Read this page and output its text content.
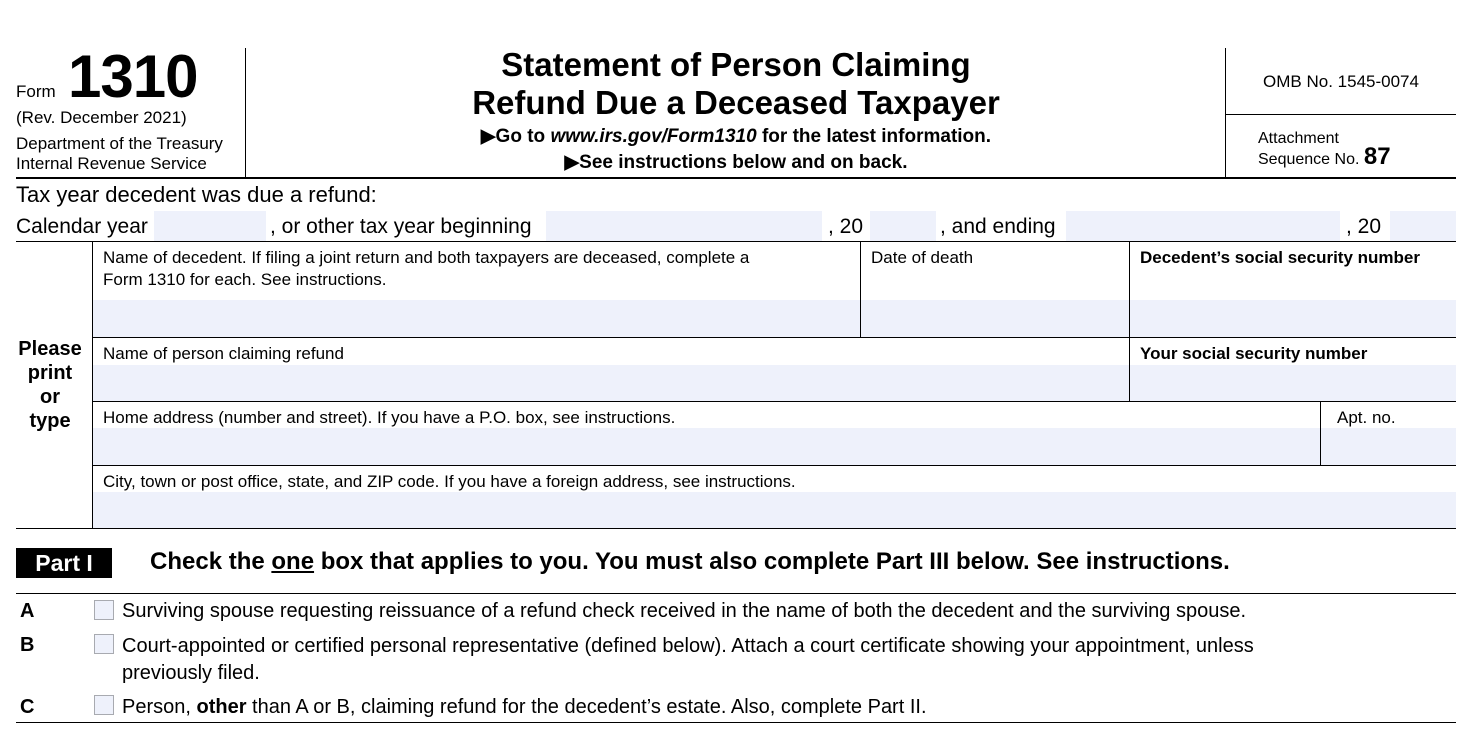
Form 1310
(Rev. December 2021)
Department of the Treasury
Internal Revenue Service
Statement of Person Claiming
Refund Due a Deceased Taxpayer
▶Go to www.irs.gov/Form1310 for the latest information.
▶See instructions below and on back.
OMB No. 1545-0074
Attachment
Sequence No. 87
Tax year decedent was due a refund:
Calendar year	, or other tax year beginning	, 20	, and ending	, 20
Please
print
or
type
Name of decedent. If filing a joint return and both taxpayers are deceased, complete a
Form 1310 for each. See instructions.
Date of death	Decedent’s social security number
Name of person claiming refund	Your social security number
Home address (number and street). If you have a P.O. box, see instructions.	Apt. no.
City, town or post office, state, and ZIP code. If you have a foreign address, see instructions.
Part I	Check the one box that applies to you. You must also complete Part III below. See instructions.
A	Surviving spouse requesting reissuance of a refund check received in the name of both the decedent and the surviving spouse.
B	Court-appointed or certified personal representative (defined below). Attach a court certificate showing your appointment, unless
previously filed.
C	Person, other than A or B, claiming refund for the decedent’s estate. Also, complete Part II.
